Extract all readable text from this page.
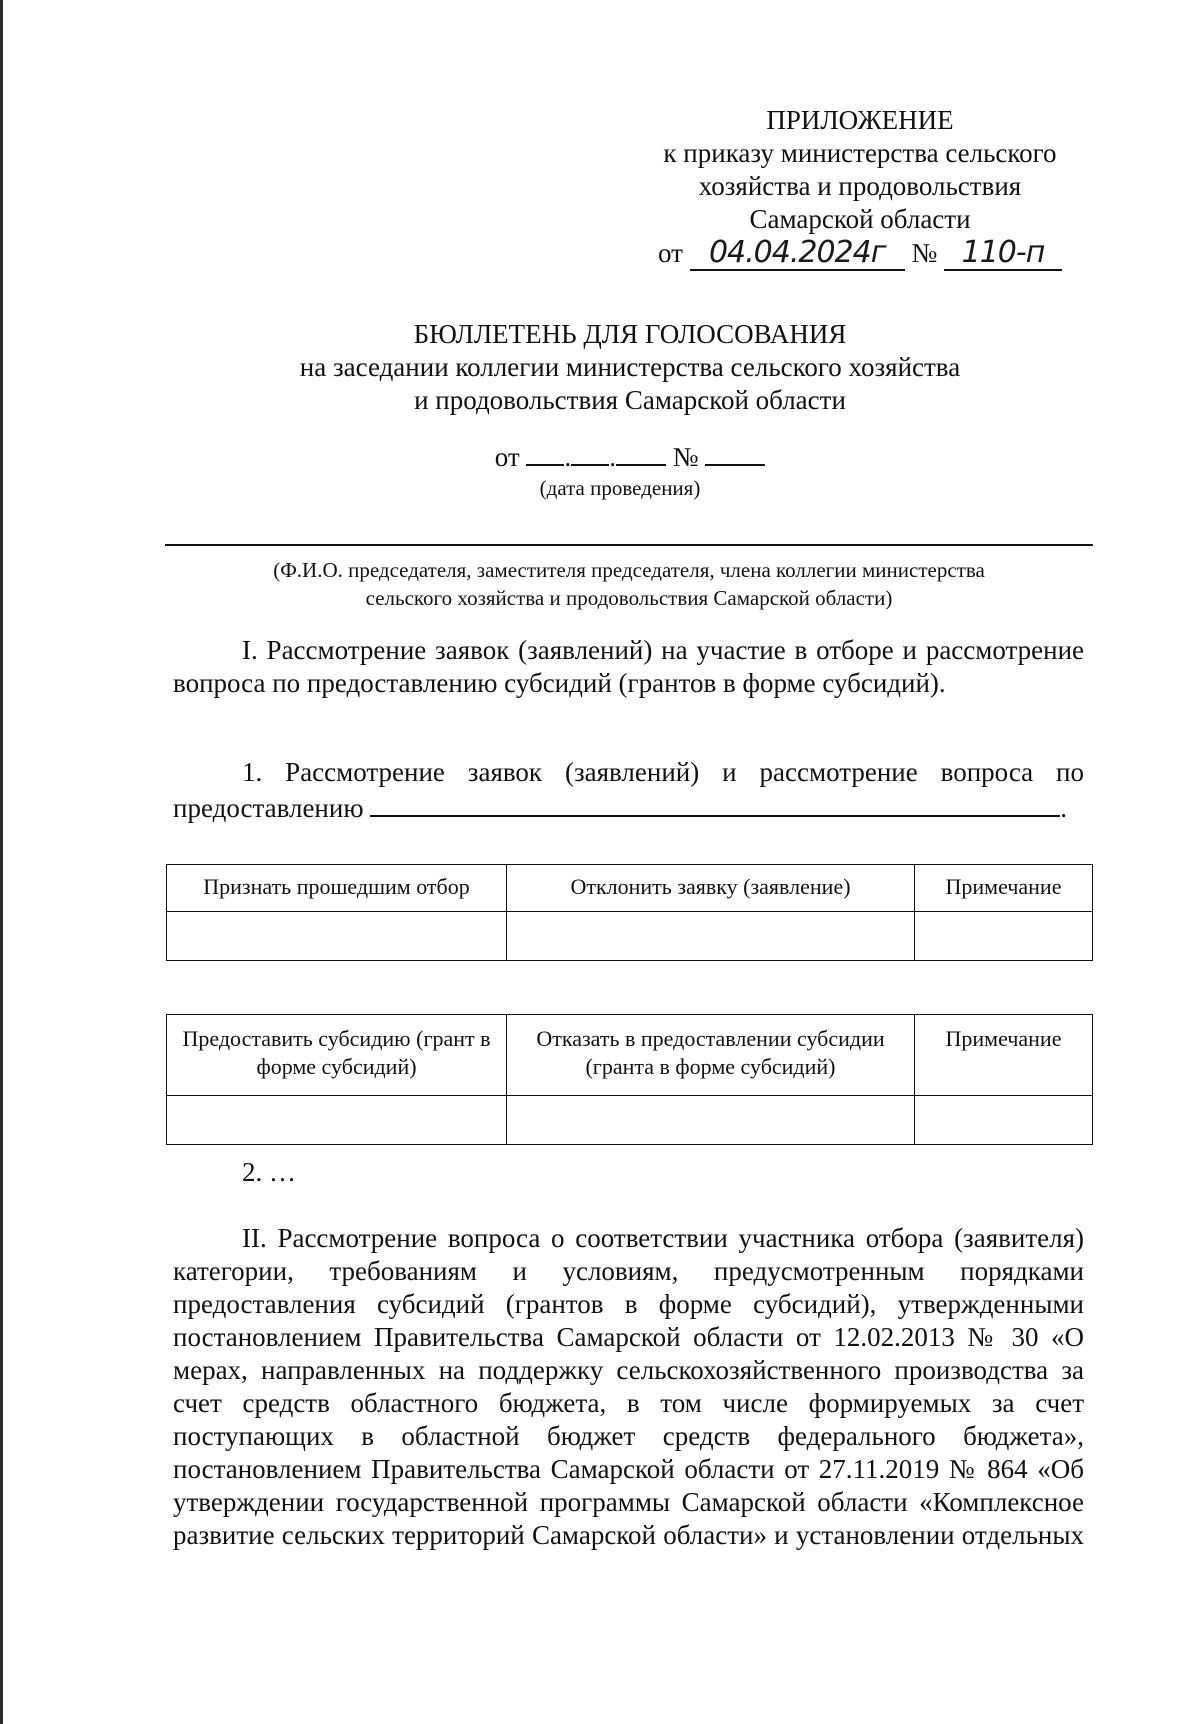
ПРИЛОЖЕНИЕ
к приказу министерства сельского
хозяйства и продовольствия
Самарской области
от 04.04.2024г № 110-п
БЮЛЛЕТЕНЬ ДЛЯ ГОЛОСОВАНИЯ
на заседании коллегии министерства сельского хозяйства
и продовольствия Самарской области
от . . №
(дата проведения)
(Ф.И.О. председателя, заместителя председателя, члена коллегии министерства
сельского хозяйства и продовольствия Самарской области)
I. Рассмотрение заявок (заявлений) на участие в отборе и рассмотрение вопроса по предоставлению субсидий (грантов в форме субсидий).
1. Рассмотрение заявок (заявлений) и рассмотрение вопроса по
предоставлению	.
Признать прошедшим отбор	Отклонить заявку (заявление)	Примечание

Предоставить субсидию (грант в форме субсидий)	Отказать в предоставлении субсидии (гранта в форме субсидий)	Примечание

2. …
II. Рассмотрение вопроса о соответствии участника отбора (заявителя) категории, требованиям и условиям, предусмотренным порядками предоставления субсидий (грантов в форме субсидий), утвержденными постановлением Правительства Самарской области от 12.02.2013 № 30 «О мерах, направленных на поддержку сельскохозяйственного производства за счет средств областного бюджета, в том числе формируемых за счет поступающих в областной бюджет средств федерального бюджета», постановлением Правительства Самарской области от 27.11.2019 № 864 «Об утверждении государственной программы Самарской области «Комплексное развитие сельских территорий Самарской области» и установлении отдельных
